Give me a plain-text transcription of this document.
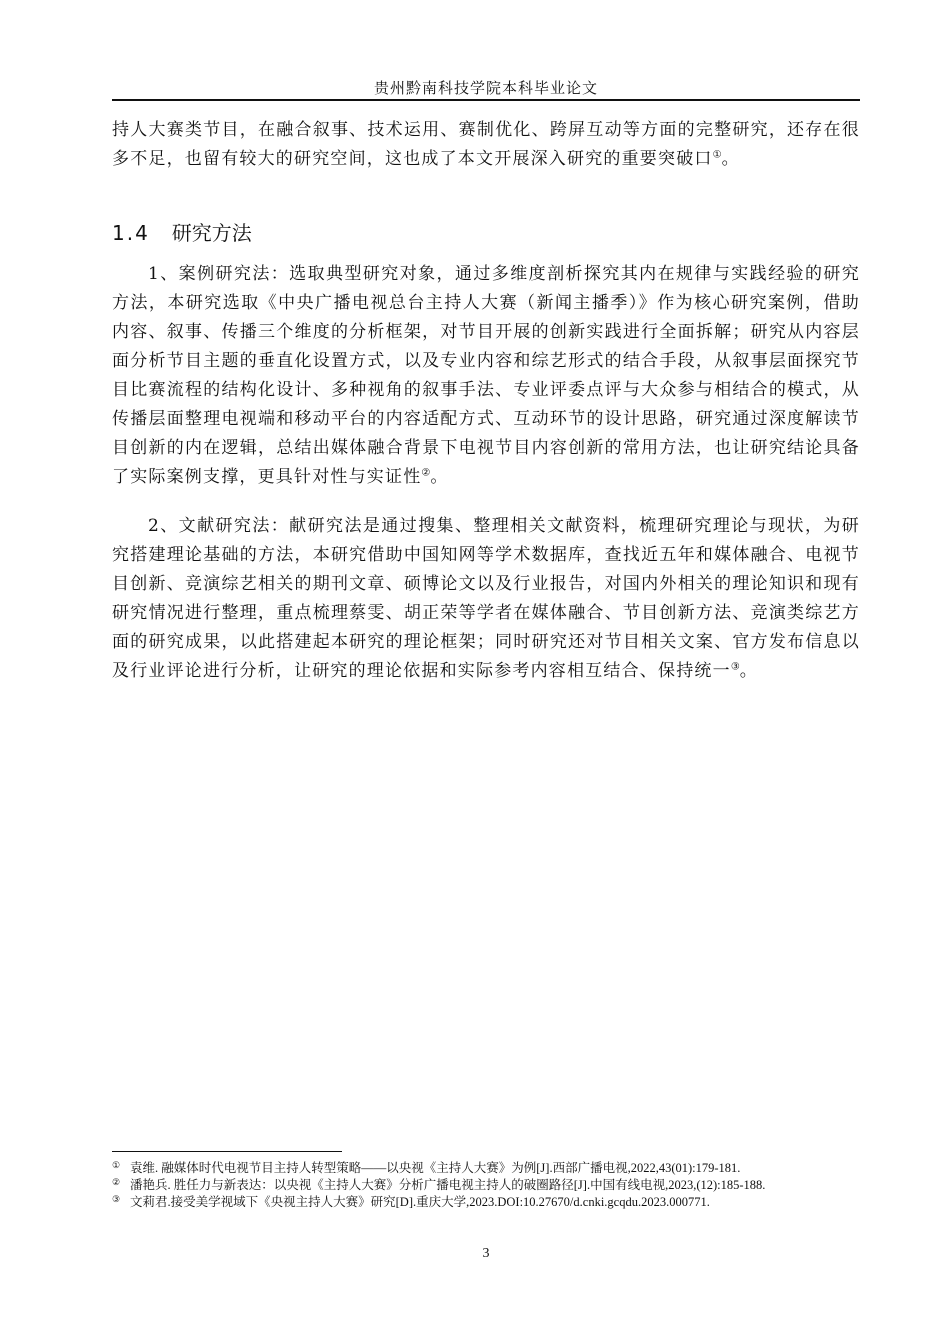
贵州黔南科技学院本科毕业论文

持人大赛类节目，在融合叙事、技术运用、赛制优化、跨屏互动等方面的完整研究，还存在很多不足，也留有较大的研究空间，这也成了本文开展深入研究的重要突破口①。

1.4 研究方法

1、案例研究法：选取典型研究对象，通过多维度剖析探究其内在规律与实践经验的研究方法，本研究选取《中央广播电视总台主持人大赛（新闻主播季）》作为核心研究案例，借助内容、叙事、传播三个维度的分析框架，对节目开展的创新实践进行全面拆解；研究从内容层面分析节目主题的垂直化设置方式，以及专业内容和综艺形式的结合手段，从叙事层面探究节目比赛流程的结构化设计、多种视角的叙事手法、专业评委点评与大众参与相结合的模式，从传播层面整理电视端和移动平台的内容适配方式、互动环节的设计思路，研究通过深度解读节目创新的内在逻辑，总结出媒体融合背景下电视节目内容创新的常用方法，也让研究结论具备了实际案例支撑，更具针对性与实证性②。

2、文献研究法：献研究法是通过搜集、整理相关文献资料，梳理研究理论与现状，为研究搭建理论基础的方法，本研究借助中国知网等学术数据库，查找近五年和媒体融合、电视节目创新、竞演综艺相关的期刊文章、硕博论文以及行业报告，对国内外相关的理论知识和现有研究情况进行整理，重点梳理蔡雯、胡正荣等学者在媒体融合、节目创新方法、竞演类综艺方面的研究成果，以此搭建起本研究的理论框架；同时研究还对节目相关文案、官方发布信息以及行业评论进行分析，让研究的理论依据和实际参考内容相互结合、保持统一③。

① 袁维. 融媒体时代电视节目主持人转型策略——以央视《主持人大赛》为例[J].西部广播电视,2022,43(01):179-181.
② 潘艳兵. 胜任力与新表达：以央视《主持人大赛》分析广播电视主持人的破圈路径[J].中国有线电视,2023,(12):185-188.
③ 文莉君.接受美学视域下《央视主持人大赛》研究[D].重庆大学,2023.DOI:10.27670/d.cnki.gcqdu.2023.000771.
3
